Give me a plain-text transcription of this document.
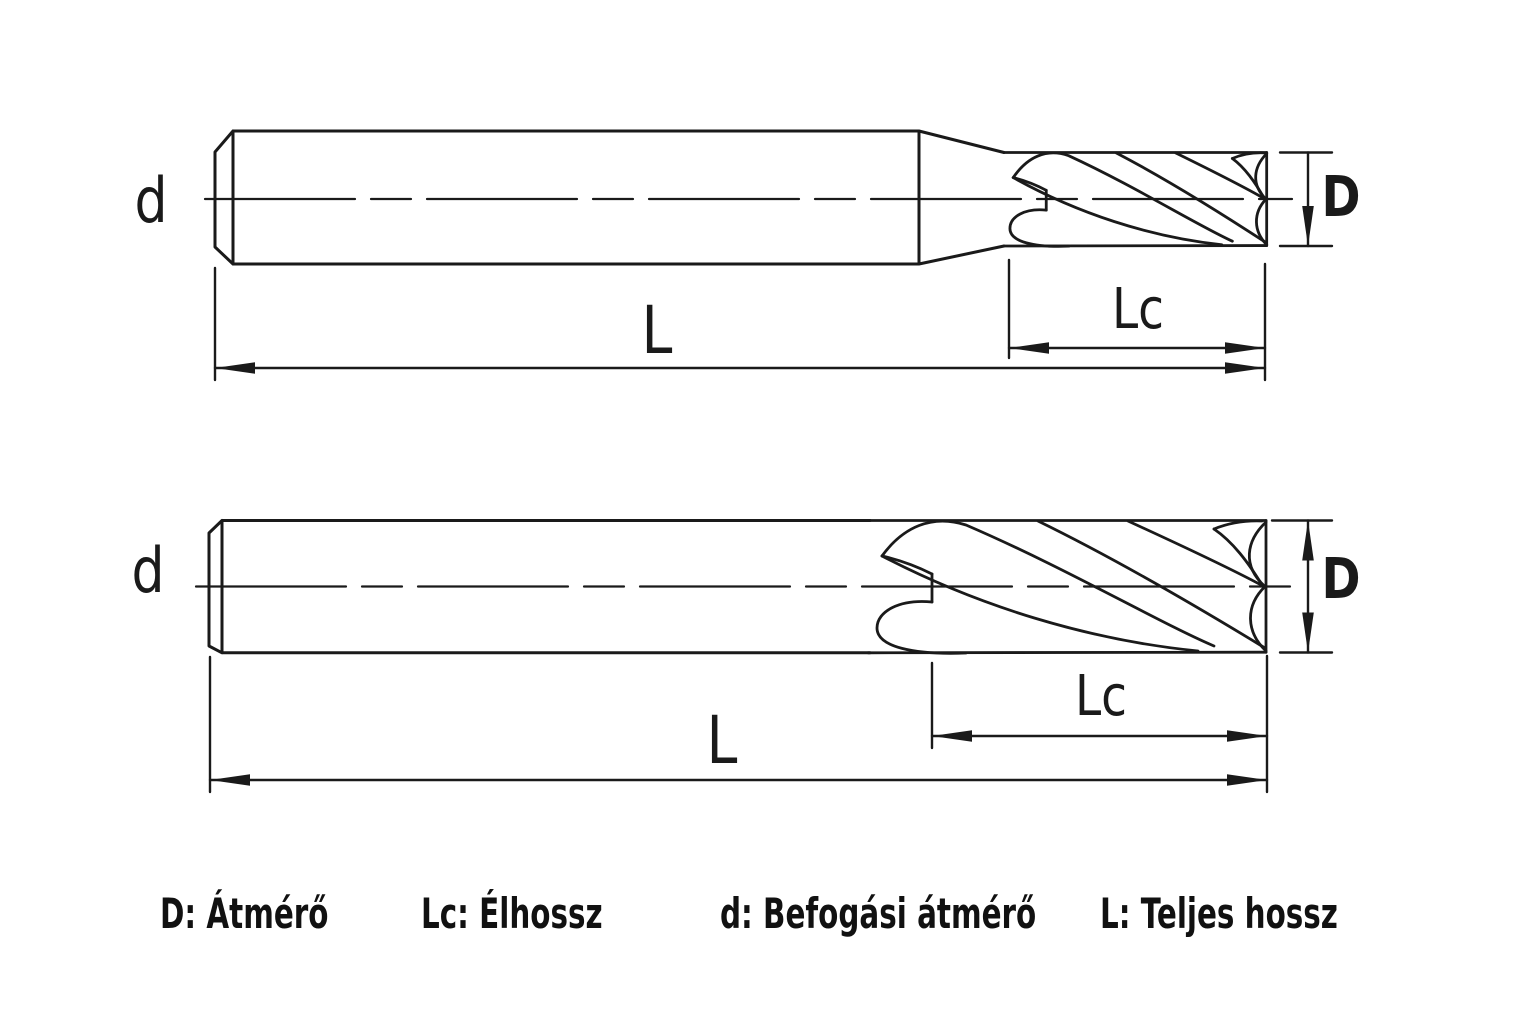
d
L	Lc
D
d
L
Lc
D
D: Átmérő Lc: Élhossz	d: Befogási átmérő L: Teljes hossz
